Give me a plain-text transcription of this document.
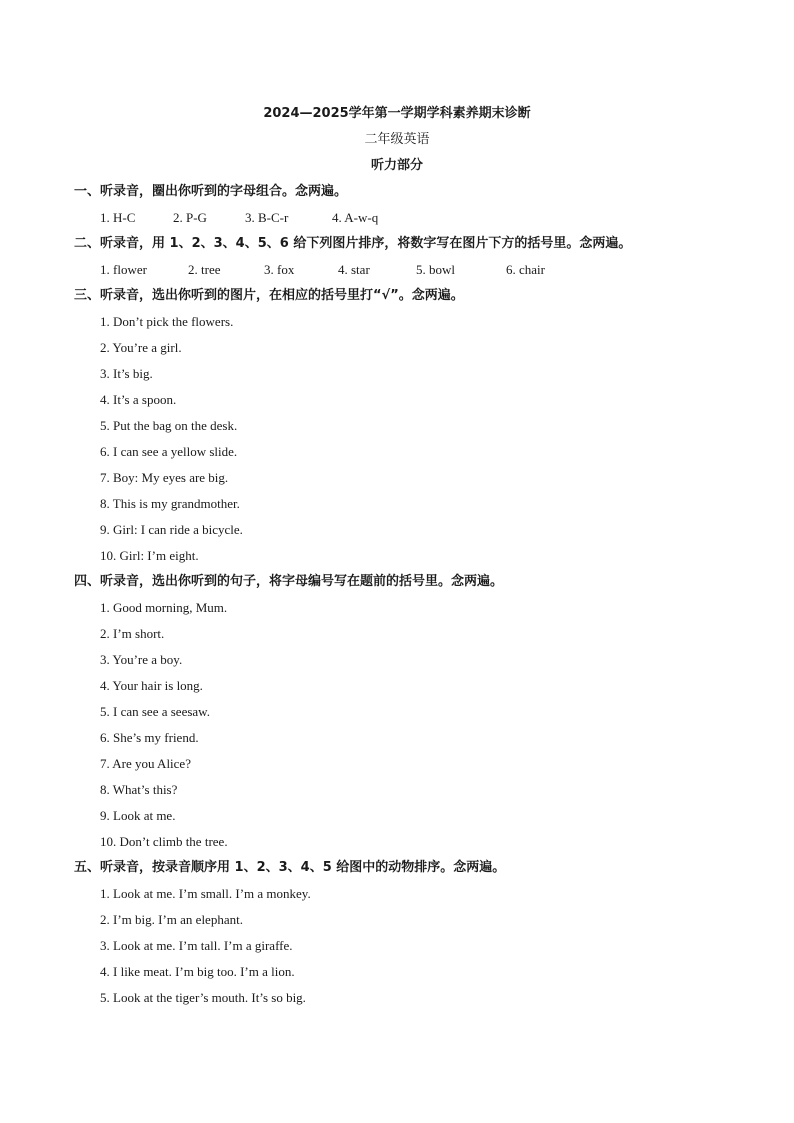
2024—2025学年第一学期学科素养期末诊断
二年级英语
听力部分
一、听录音，圈出你听到的字母组合。念两遍。
1. H-C	2. P-G	3. B-C-r	4. A-w-q
二、听录音，用 1、2、3、4、5、6 给下列图片排序，将数字写在图片下方的括号里。念两遍。
1. flower	2. tree	3. fox	4. star	5. bowl	6. chair
三、听录音，选出你听到的图片，在相应的括号里打“√”。念两遍。
1. Don’t pick the flowers.
2. You’re a girl.
3. It’s big.
4. It’s a spoon.
5. Put the bag on the desk.
6. I can see a yellow slide.
7. Boy: My eyes are big.
8. This is my grandmother.
9. Girl: I can ride a bicycle.
10. Girl: I’m eight.
四、听录音，选出你听到的句子，将字母编号写在题前的括号里。念两遍。
1. Good morning, Mum.
2. I’m short.
3. You’re a boy.
4. Your hair is long.
5. I can see a seesaw.
6. She’s my friend.
7. Are you Alice?
8. What’s this?
9. Look at me.
10. Don’t climb the tree.
五、听录音，按录音顺序用 1、2、3、4、5 给图中的动物排序。念两遍。
1. Look at me. I’m small. I’m a monkey.
2. I’m big. I’m an elephant.
3. Look at me. I’m tall. I’m a giraffe.
4. I like meat. I’m big too. I’m a lion.
5. Look at the tiger’s mouth. It’s so big.
